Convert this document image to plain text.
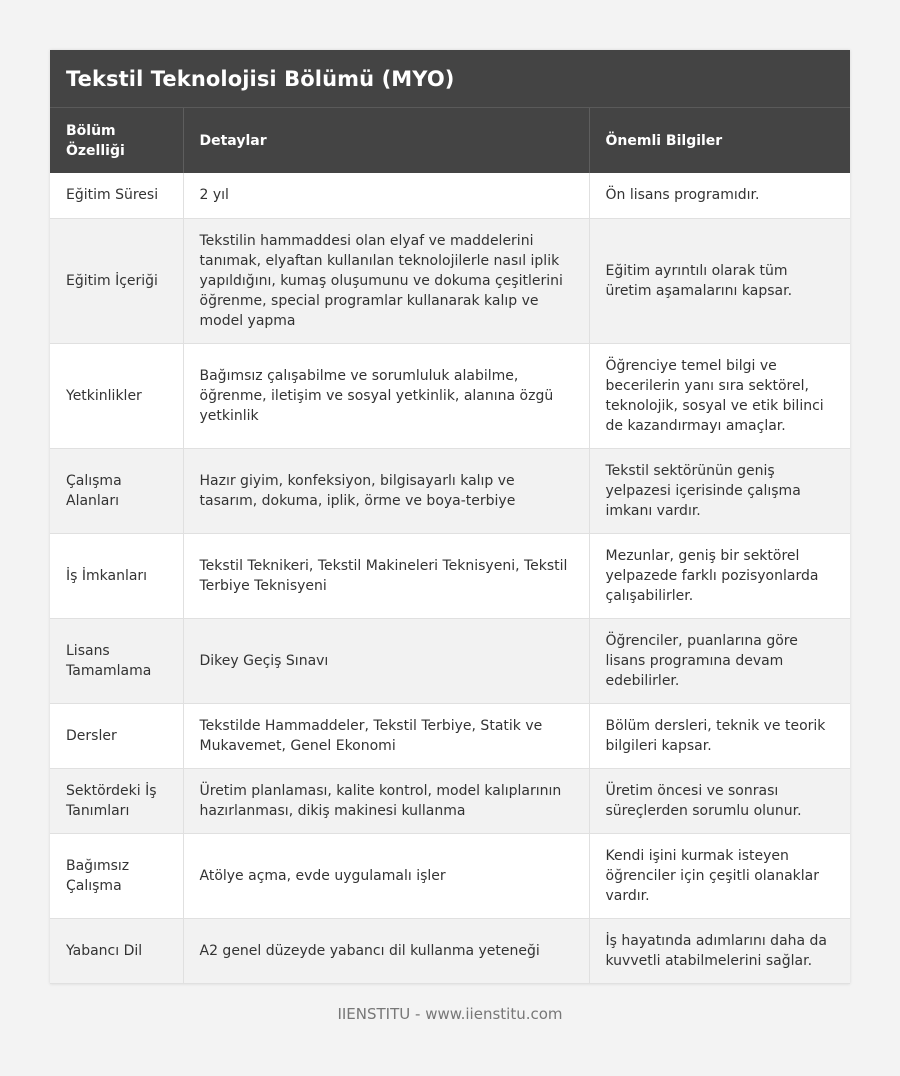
Tekstil Teknolojisi Bölümü (MYO)
Bölüm Özelliği	Detaylar	Önemli Bilgiler
Eğitim Süresi	2 yıl	Ön lisans programıdır.
Eğitim İçeriği	Tekstilin hammaddesi olan elyaf ve maddelerini tanımak, elyaftan kullanılan teknolojilerle nasıl iplik yapıldığını, kumaş oluşumunu ve dokuma çeşitlerini öğrenme, special programlar kullanarak kalıp ve model yapma	Eğitim ayrıntılı olarak tüm üretim aşamalarını kapsar.
Yetkinlikler	Bağımsız çalışabilme ve sorumluluk alabilme, öğrenme, iletişim ve sosyal yetkinlik, alanına özgü yetkinlik	Öğrenciye temel bilgi ve becerilerin yanı sıra sektörel, teknolojik, sosyal ve etik bilinci de kazandırmayı amaçlar.
Çalışma Alanları	Hazır giyim, konfeksiyon, bilgisayarlı kalıp ve tasarım, dokuma, iplik, örme ve boya-terbiye	Tekstil sektörünün geniş yelpazesi içerisinde çalışma imkanı vardır.
İş İmkanları	Tekstil Teknikeri, Tekstil Makineleri Teknisyeni, Tekstil Terbiye Teknisyeni	Mezunlar, geniş bir sektörel yelpazede farklı pozisyonlarda çalışabilirler.
Lisans Tamamlama	Dikey Geçiş Sınavı	Öğrenciler, puanlarına göre lisans programına devam edebilirler.
Dersler	Tekstilde Hammaddeler, Tekstil Terbiye, Statik ve Mukavemet, Genel Ekonomi	Bölüm dersleri, teknik ve teorik bilgileri kapsar.
Sektördeki İş Tanımları	Üretim planlaması, kalite kontrol, model kalıplarının hazırlanması, dikiş makinesi kullanma	Üretim öncesi ve sonrası süreçlerden sorumlu olunur.
Bağımsız Çalışma	Atölye açma, evde uygulamalı işler	Kendi işini kurmak isteyen öğrenciler için çeşitli olanaklar vardır.
Yabancı Dil	A2 genel düzeyde yabancı dil kullanma yeteneği	İş hayatında adımlarını daha da kuvvetli atabilmelerini sağlar.
IIENSTITU - www.iienstitu.com
